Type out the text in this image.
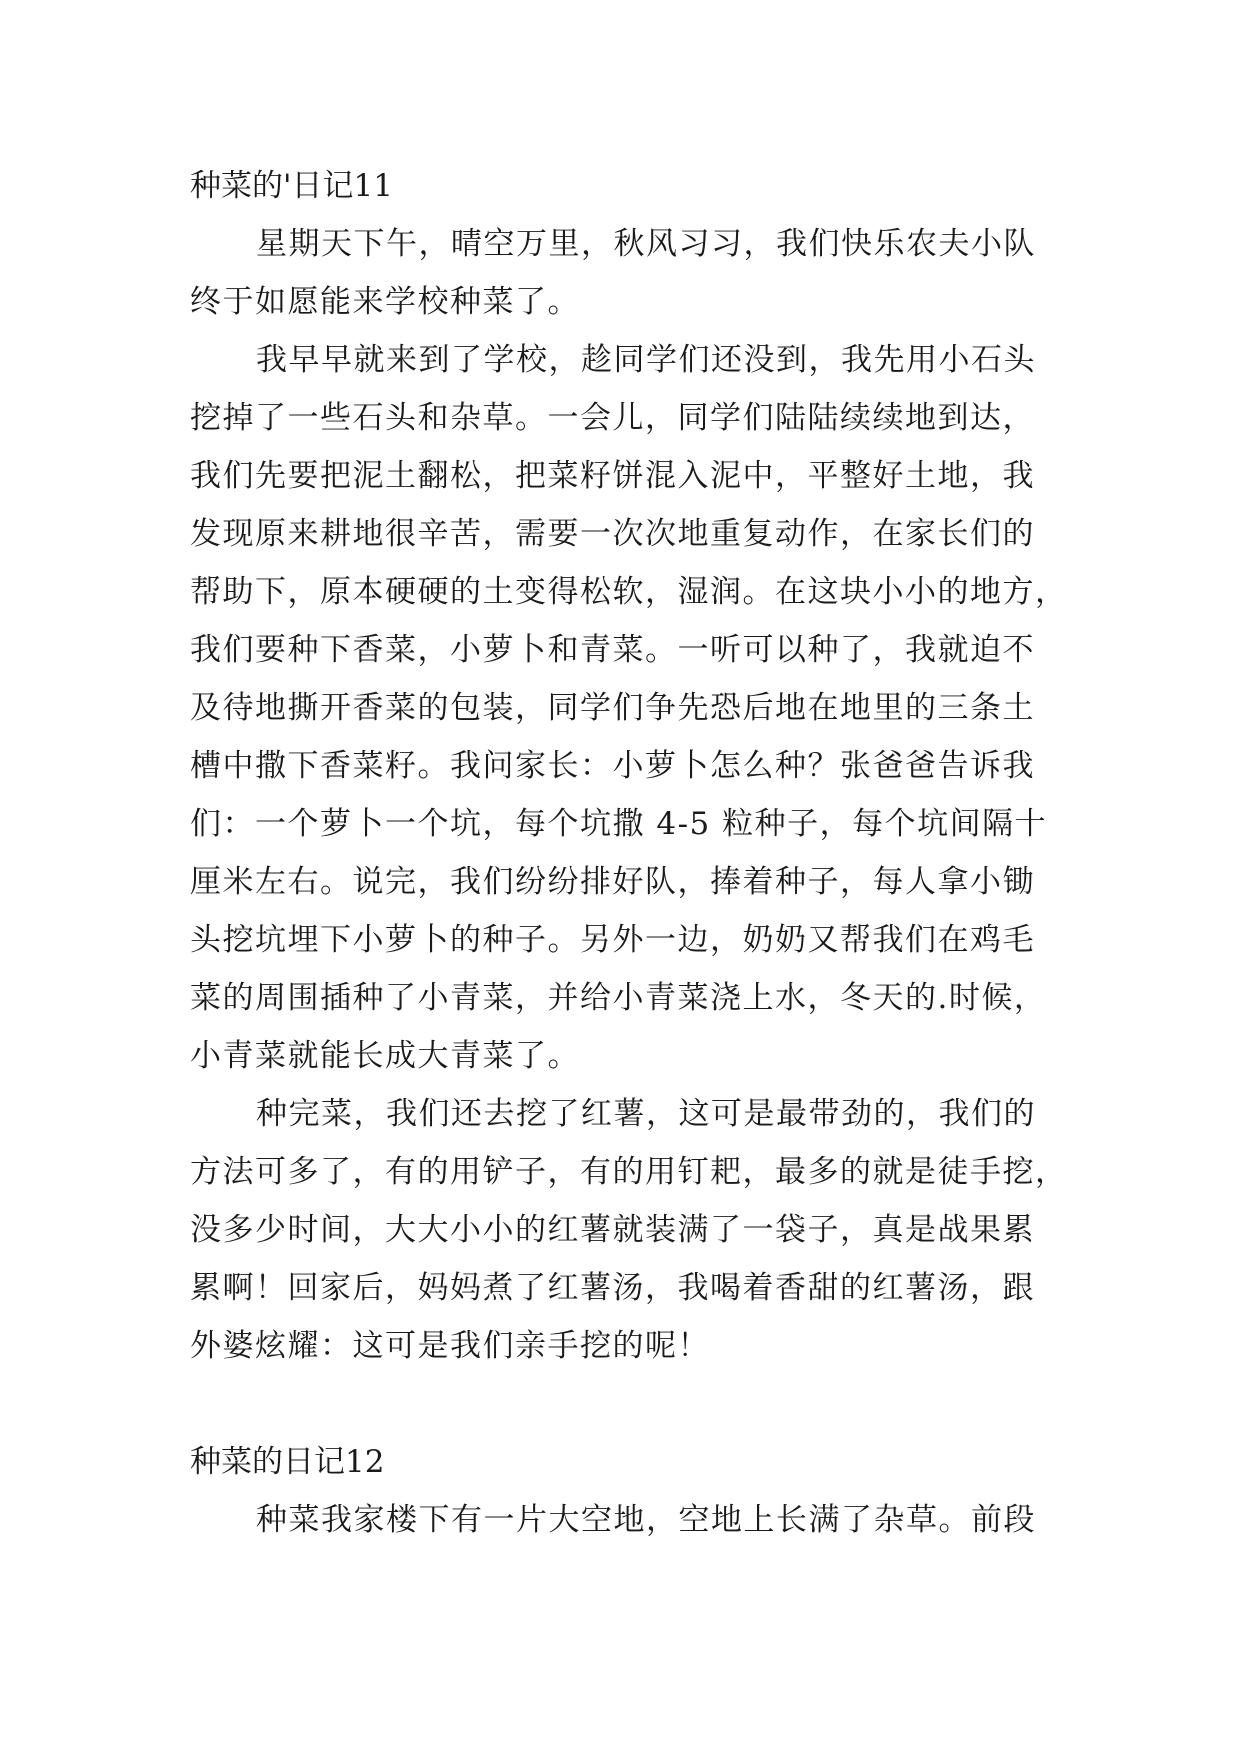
种菜的'日记11
星期天下午，晴空万里，秋风习习，我们快乐农夫小队
终于如愿能来学校种菜了。
我早早就来到了学校，趁同学们还没到，我先用小石头
挖掉了一些石头和杂草。一会儿，同学们陆陆续续地到达，
我们先要把泥土翻松，把菜籽饼混入泥中，平整好土地，我
发现原来耕地很辛苦，需要一次次地重复动作，在家长们的
帮助下，原本硬硬的土变得松软，湿润。在这块小小的地方，
我们要种下香菜，小萝卜和青菜。一听可以种了，我就迫不
及待地撕开香菜的包装，同学们争先恐后地在地里的三条土
槽中撒下香菜籽。我问家长：小萝卜怎么种？张爸爸告诉我
们：一个萝卜一个坑，每个坑撒 4-5 粒种子，每个坑间隔十
厘米左右。说完，我们纷纷排好队，捧着种子，每人拿小锄
头挖坑埋下小萝卜的种子。另外一边，奶奶又帮我们在鸡毛
菜的周围插种了小青菜，并给小青菜浇上水，冬天的.时候，
小青菜就能长成大青菜了。
种完菜，我们还去挖了红薯，这可是最带劲的，我们的
方法可多了，有的用铲子，有的用钉耙，最多的就是徒手挖，
没多少时间，大大小小的红薯就装满了一袋子，真是战果累
累啊！回家后，妈妈煮了红薯汤，我喝着香甜的红薯汤，跟
外婆炫耀：这可是我们亲手挖的呢！
种菜的日记12
种菜我家楼下有一片大空地，空地上长满了杂草。前段
